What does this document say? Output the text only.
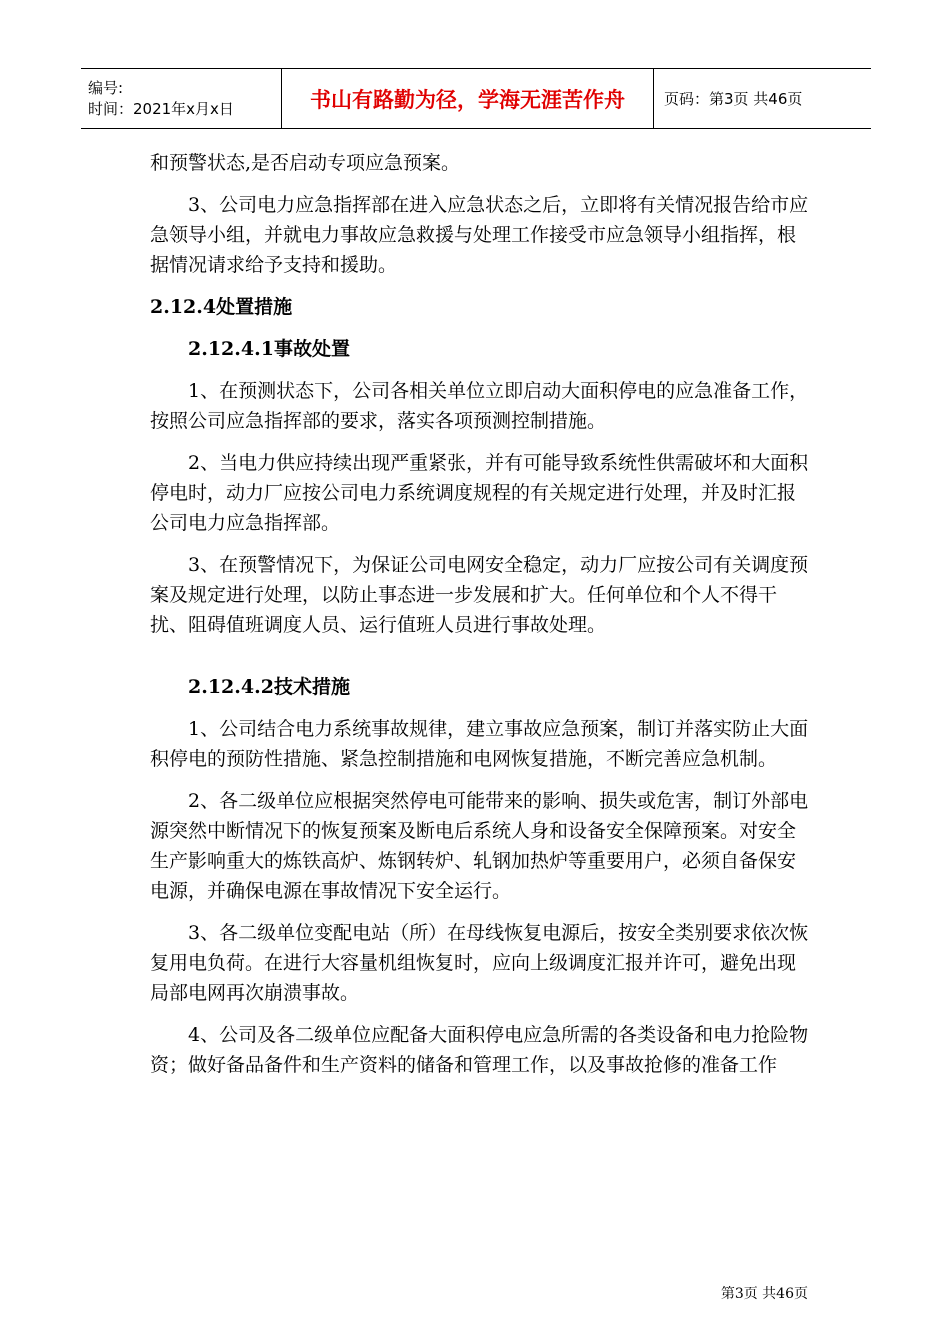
编号:
时间：2021年x月x日	书山有路勤为径，学海无涯苦作舟	页码：第3页 共46页
和预警状态,是否启动专项应急预案。
3、公司电力应急指挥部在进入应急状态之后，立即将有关情况报告给市应急领导小组，并就电力事故应急救援与处理工作接受市应急领导小组指挥，根据情况请求给予支持和援助。
2.12.4处置措施
2.12.4.1事故处置
1、在预测状态下，公司各相关单位立即启动大面积停电的应急准备工作，按照公司应急指挥部的要求，落实各项预测控制措施。
2、当电力供应持续出现严重紧张，并有可能导致系统性供需破坏和大面积停电时，动力厂应按公司电力系统调度规程的有关规定进行处理，并及时汇报公司电力应急指挥部。
3、在预警情况下，为保证公司电网安全稳定，动力厂应按公司有关调度预案及规定进行处理，以防止事态进一步发展和扩大。任何单位和个人不得干扰、阻碍值班调度人员、运行值班人员进行事故处理。
2.12.4.2技术措施
1、公司结合电力系统事故规律，建立事故应急预案，制订并落实防止大面积停电的预防性措施、紧急控制措施和电网恢复措施，不断完善应急机制。
2、各二级单位应根据突然停电可能带来的影响、损失或危害，制订外部电源突然中断情况下的恢复预案及断电后系统人身和设备安全保障预案。对安全生产影响重大的炼铁高炉、炼钢转炉、轧钢加热炉等重要用户，必须自备保安电源，并确保电源在事故情况下安全运行。
3、各二级单位变配电站（所）在母线恢复电源后，按安全类别要求依次恢复用电负荷。在进行大容量机组恢复时，应向上级调度汇报并许可，避免出现局部电网再次崩溃事故。
4、公司及各二级单位应配备大面积停电应急所需的各类设备和电力抢险物资；做好备品备件和生产资料的储备和管理工作，以及事故抢修的准备工作
第3页 共46页
